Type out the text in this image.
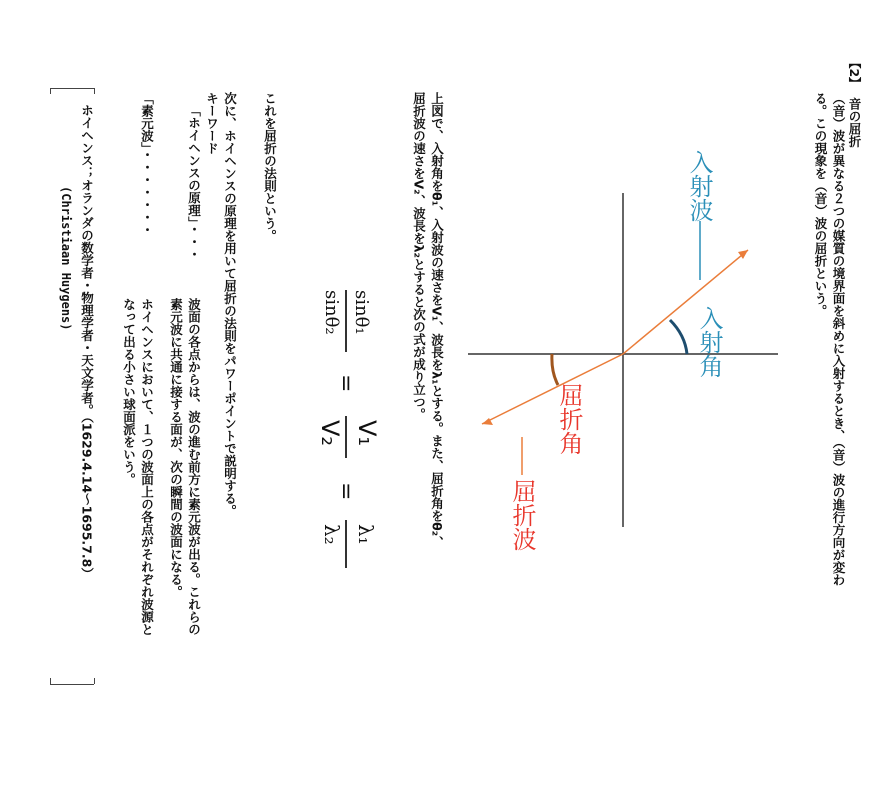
【2】音の屈折
（音）波が異なる２つの媒質の境界面を斜めに入射するとき、（音）波の進行方向が変わ
る。この現象を（音）波の屈折という。
入射波
入射角
屈折角
屈折波
上図で、入射角をθ₁、入射波の速さをV₁、波長をλ₁とする。また、屈折角をθ₂、
屈折波の速さをV₂、波長をλ₂とすると次の式が成り立つ。
sinθ₁
sinθ₂
=
V₁
V₂
=
λ₁
λ₂
これを屈折の法則という。
次に、ホイヘンスの原理を用いて屈折の法則をパワーポイントで説明する。
キーワード
「ホイヘンスの原理」・・・
波面の各点からは、波の進む前方に素元波が出る。これらの
素元波に共通に接する面が、次の瞬間の波面になる。
「素元波」・・・・・・・
ホイヘンスにおいて、１つの波面上の各点がそれぞれ波源と
なって出る小さい球面派をいう。
ホイヘンス；オランダの数学者・物理学者・天文学者。（1629.4.14〜1695.7.8）
(Christiaan Huygens)
